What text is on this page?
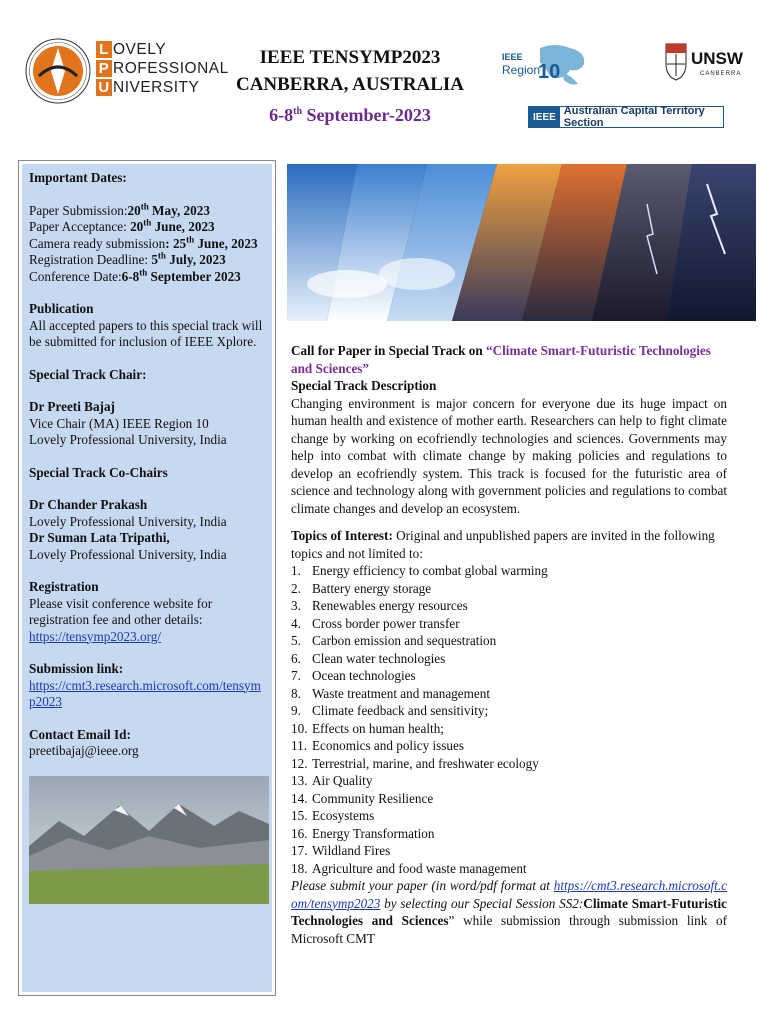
L OVELY
P ROFESSIONAL
U NIVERSITY
IEEE TENSYMP2023
CANBERRA, AUSTRALIA
6-8th September-2023
IEEE
Region
10
UNSW
CANBERRA
IEEE Australian Capital Territory Section
Important Dates:
Paper Submission:20th May, 2023
Paper Acceptance: 20th June, 2023
Camera ready submission: 25th June, 2023
Registration Deadline: 5th July, 2023
Conference Date:6-8th September 2023
Publication
All accepted papers to this special track will be submitted for inclusion of IEEE Xplore.
Special Track Chair:
Dr Preeti Bajaj
Vice Chair (MA) IEEE Region 10
Lovely Professional University, India
Special Track Co-Chairs
Dr Chander Prakash
Lovely Professional University, India
Dr Suman Lata Tripathi,
Lovely Professional University, India
Registration
Please visit conference website for registration fee and other details:
https://tensymp2023.org/
Submission link:
https://cmt3.research.microsoft.com/tensymp2023
Contact Email Id:
preetibajaj@ieee.org
Call for Paper in Special Track on “Climate Smart-Futuristic Technologies and Sciences”
Special Track Description
Changing environment is major concern for everyone due its huge impact on human health and existence of mother earth. Researchers can help to fight climate change by working on ecofriendly technologies and sciences. Governments may help into combat with climate change by making policies and regulations to develop an ecofriendly system. This track is focused for the futuristic area of science and technology along with government policies and regulations to combat climate changes and develop an ecosystem.
Topics of Interest: Original and unpublished papers are invited in the following topics and not limited to:
1. Energy efficiency to combat global warming
2. Battery energy storage
3. Renewables energy resources
4. Cross border power transfer
5. Carbon emission and sequestration
6. Clean water technologies
7. Ocean technologies
8. Waste treatment and management
9. Climate feedback and sensitivity;
10. Effects on human health;
11. Economics and policy issues
12. Terrestrial, marine, and freshwater ecology
13. Air Quality
14. Community Resilience
15. Ecosystems
16. Energy Transformation
17. Wildland Fires
18. Agriculture and food waste management
Please submit your paper (in word/pdf format at https://cmt3.research.microsoft.com/tensymp2023 by selecting our Special Session SS2:Climate Smart-Futuristic Technologies and Sciences” while submission through submission link of Microsoft CMT
